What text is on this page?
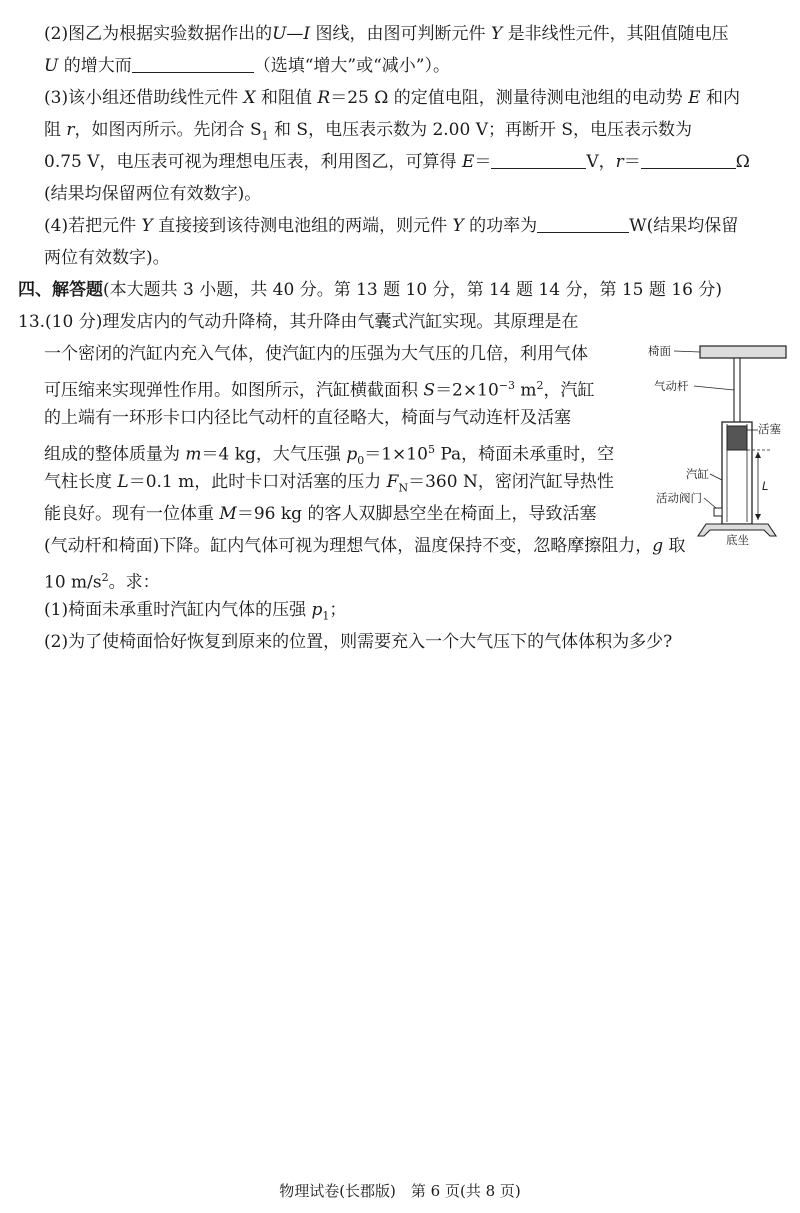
(2)图乙为根据实验数据作出的U—I 图线，由图可判断元件 Y 是非线性元件，其阻值随电压
U 的增大而	（选填“增大”或“减小”）。
(3)该小组还借助线性元件 X 和阻值 R＝25 Ω 的定值电阻，测量待测电池组的电动势 E 和内
阻 r，如图丙所示。先闭合 $S_1$ 和 S，电压表示数为 2.00 V；再断开 S，电压表示数为
0.75 V，电压表可视为理想电压表，利用图乙，可算得 E＝	V，r＝	Ω
(结果均保留两位有效数字)。
(4)若把元件 Y 直接接到该待测电池组的两端，则元件 Y 的功率为	W(结果均保留
两位有效数字)。
四、解答题(本大题共 3 小题，共 40 分。第 13 题 10 分，第 14 题 14 分，第 15 题 16 分)
13.(10 分)理发店内的气动升降椅，其升降由气囊式汽缸实现。其原理是在
一个密闭的汽缸内充入气体，使汽缸内的压强为大气压的几倍，利用气体
可压缩来实现弹性作用。如图所示，汽缸横截面积 $S=2\times 10^{-3}$ $m^2$，汽缸
的上端有一环形卡口内径比气动杆的直径略大，椅面与气动连杆及活塞
组成的整体质量为 m＝4 kg，大气压强 $p_0=1\times 10^5$ Pa，椅面未承重时，空
气柱长度 L＝0.1 m，此时卡口对活塞的压力 $F_N=360$ N，密闭汽缸导热性
能良好。现有一位体重 M＝96 kg 的客人双脚悬空坐在椅面上，导致活塞
(气动杆和椅面)下降。缸内气体可视为理想气体，温度保持不变，忽略摩擦阻力，g 取
10 $m/s^2$。求：
(1)椅面未承重时汽缸内气体的压强 $p_1$；
(2)为了使椅面恰好恢复到原来的位置，则需要充入一个大气压下的气体体积为多少?
椅面
气动杆
活塞
L
汽缸
活动阀门
底坐
物理试卷(长郡版)　第 6 页(共 8 页)
